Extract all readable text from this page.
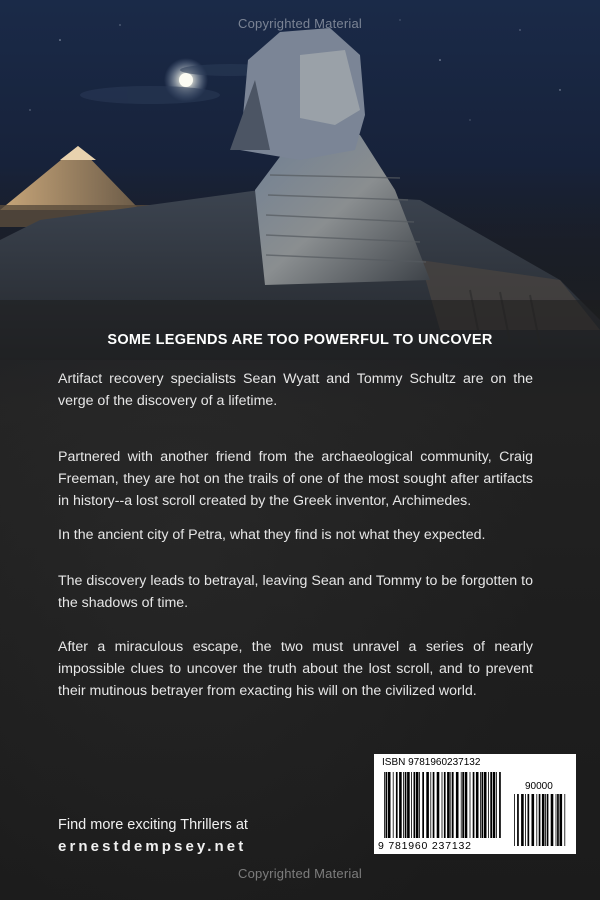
Copyrighted Material
SOME LEGENDS ARE TOO POWERFUL TO UNCOVER

Artifact recovery specialists Sean Wyatt and Tommy Schultz are on the verge of the discovery of a lifetime.

Partnered with another friend from the archaeological community, Craig Freeman, they are hot on the trails of one of the most sought after artifacts in history--a lost scroll created by the Greek inventor, Archimedes.

In the ancient city of Petra, what they find is not what they expected.

The discovery leads to betrayal, leaving Sean and Tommy to be forgotten to the shadows of time.

After a miraculous escape, the two must unravel a series of nearly impossible clues to uncover the truth about the lost scroll, and to prevent their mutinous betrayer from exacting his will on the civilized world.

Find more exciting Thrillers at
ernestdempsey.net
ISBN 9781960237132
90000
9 781960 237132
Copyrighted Material
